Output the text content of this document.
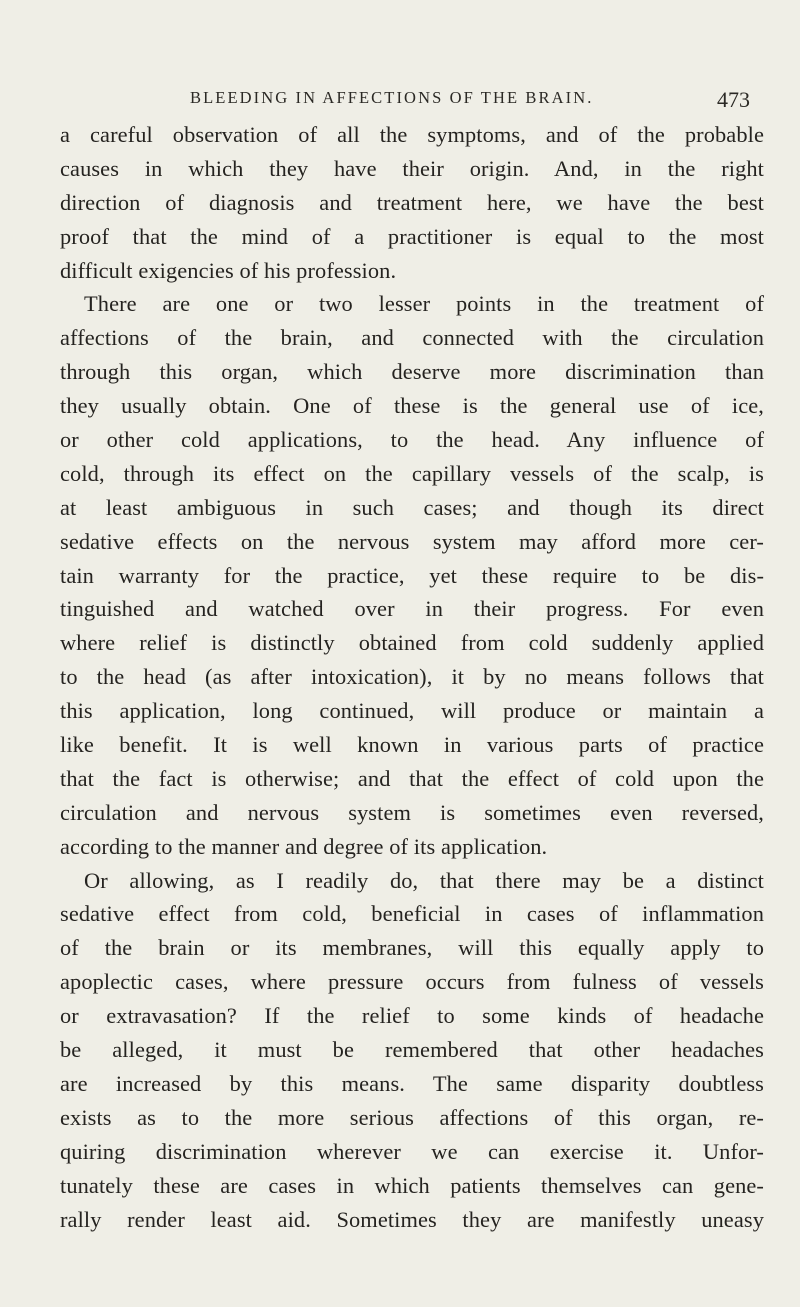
BLEEDING IN AFFECTIONS OF THE BRAIN.	473
a careful observation of all the symptoms, and of the probable
causes in which they have their origin. And, in the right
direction of diagnosis and treatment here, we have the best
proof that the mind of a practitioner is equal to the most
difficult exigencies of his profession.
There are one or two lesser points in the treatment of
affections of the brain, and connected with the circulation
through this organ, which deserve more discrimination than
they usually obtain. One of these is the general use of ice,
or other cold applications, to the head. Any influence of
cold, through its effect on the capillary vessels of the scalp, is
at least ambiguous in such cases; and though its direct
sedative effects on the nervous system may afford more cer-
tain warranty for the practice, yet these require to be dis-
tinguished and watched over in their progress. For even
where relief is distinctly obtained from cold suddenly applied
to the head (as after intoxication), it by no means follows that
this application, long continued, will produce or maintain a
like benefit. It is well known in various parts of practice
that the fact is otherwise; and that the effect of cold upon the
circulation and nervous system is sometimes even reversed,
according to the manner and degree of its application.
Or allowing, as I readily do, that there may be a distinct
sedative effect from cold, beneficial in cases of inflammation
of the brain or its membranes, will this equally apply to
apoplectic cases, where pressure occurs from fulness of vessels
or extravasation? If the relief to some kinds of headache
be alleged, it must be remembered that other headaches
are increased by this means. The same disparity doubtless
exists as to the more serious affections of this organ, re-
quiring discrimination wherever we can exercise it. Unfor-
tunately these are cases in which patients themselves can gene-
rally render least aid. Sometimes they are manifestly uneasy
